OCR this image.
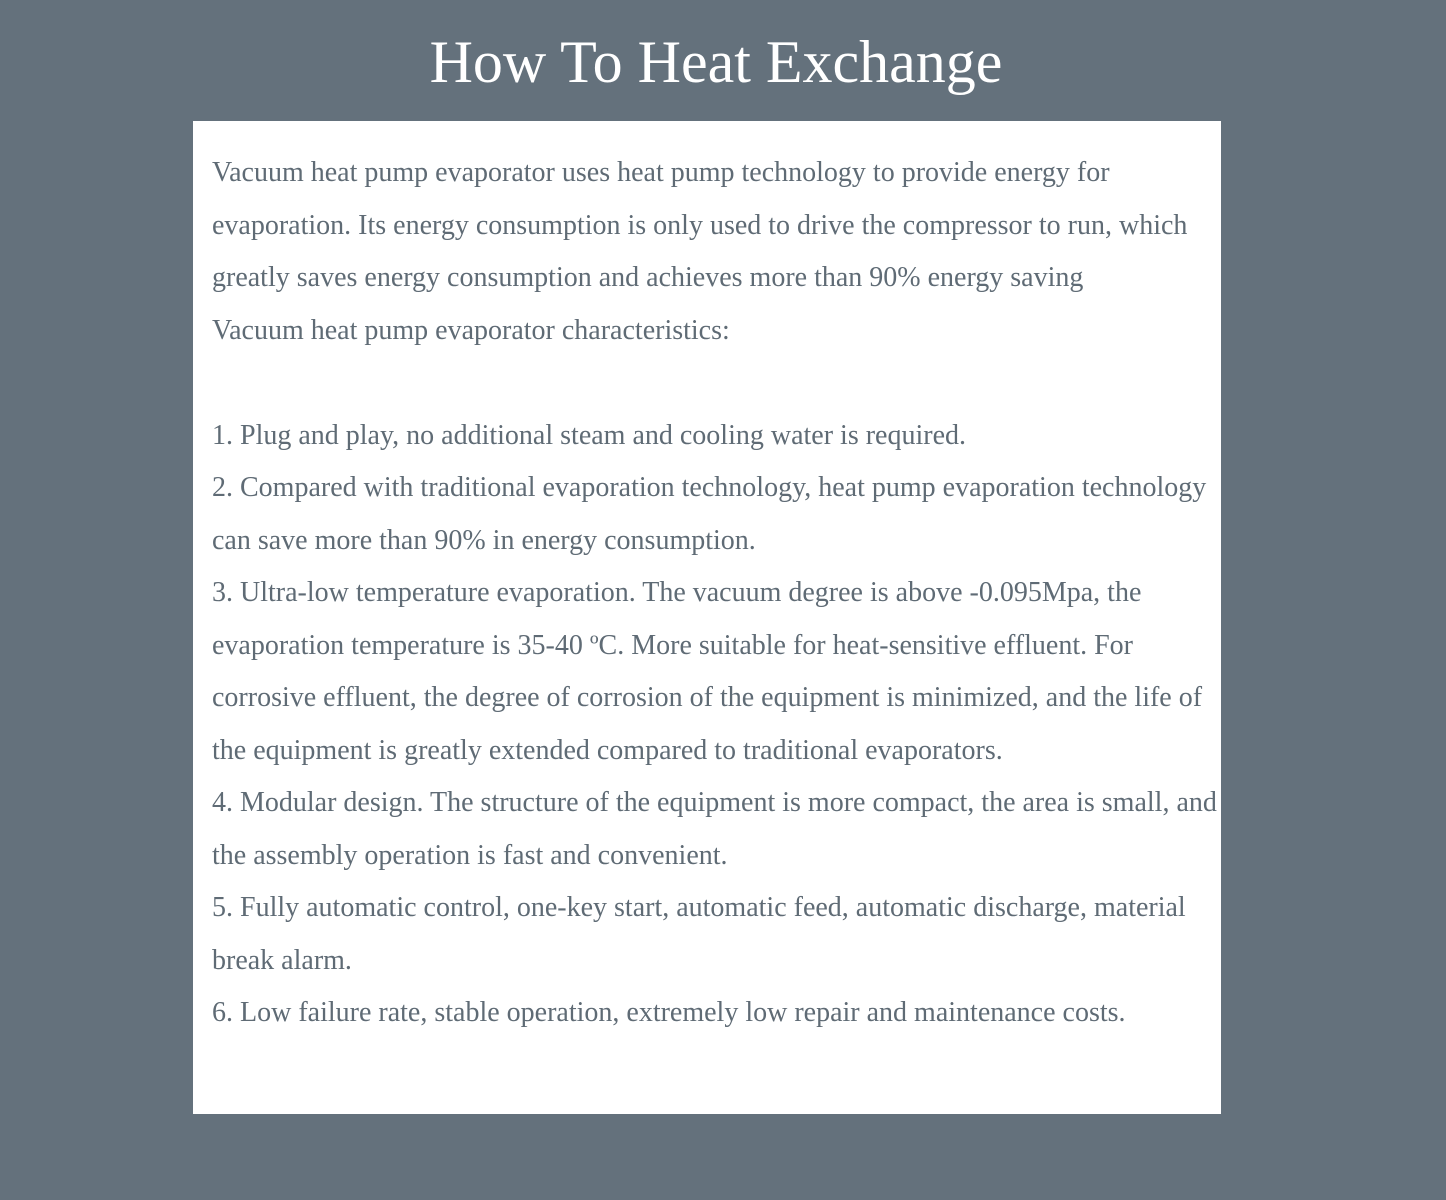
How To Heat Exchange

Vacuum heat pump evaporator uses heat pump technology to provide energy for evaporation. Its energy consumption is only used to drive the compressor to run, which greatly saves energy consumption and achieves more than 90% energy saving

Vacuum heat pump evaporator characteristics:

1. Plug and play, no additional steam and cooling water is required.

2. Compared with traditional evaporation technology, heat pump evaporation technology can save more than 90% in energy consumption.

3. Ultra-low temperature evaporation. The vacuum degree is above -0.095Mpa, the evaporation temperature is 35-40 ºC. More suitable for heat-sensitive effluent. For corrosive effluent, the degree of corrosion of the equipment is minimized, and the life of the equipment is greatly extended compared to traditional evaporators.

4. Modular design. The structure of the equipment is more compact, the area is small, and the assembly operation is fast and convenient.

5. Fully automatic control, one-key start, automatic feed, automatic discharge, material break alarm.

6. Low failure rate, stable operation, extremely low repair and maintenance costs.
